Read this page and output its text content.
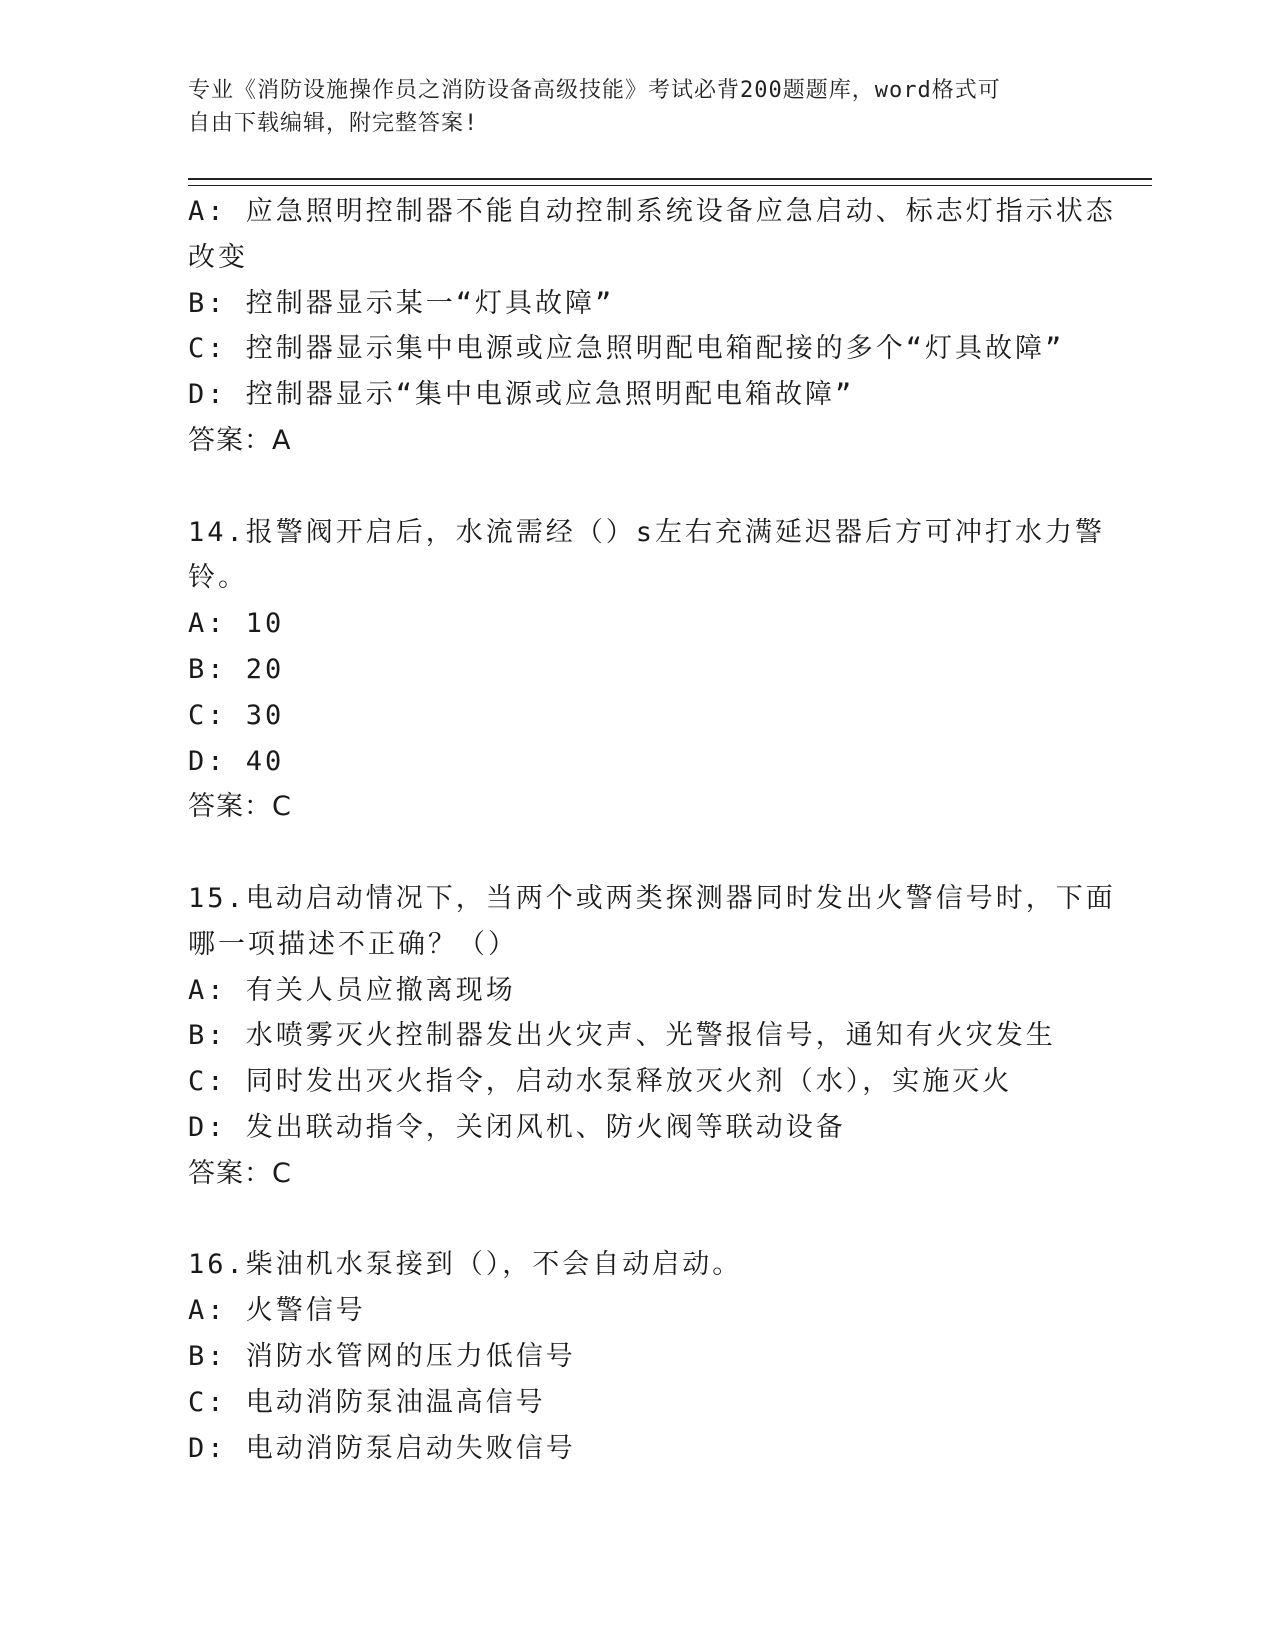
专业《消防设施操作员之消防设备高级技能》考试必背200题题库，word格式可
自由下载编辑，附完整答案!
A: 应急照明控制器不能自动控制系统设备应急启动、标志灯指示状态
改变
B: 控制器显示某一“灯具故障”
C: 控制器显示集中电源或应急照明配电箱配接的多个“灯具故障”
D: 控制器显示“集中电源或应急照明配电箱故障”
答案：A
14.报警阀开启后，水流需经（）s左右充满延迟器后方可冲打水力警
铃。
A: 10
B: 20
C: 30
D: 40
答案：C
15.电动启动情况下，当两个或两类探测器同时发出火警信号时，下面
哪一项描述不正确？（）
A: 有关人员应撤离现场
B: 水喷雾灭火控制器发出火灾声、光警报信号，通知有火灾发生
C: 同时发出灭火指令，启动水泵释放灭火剂（水），实施灭火
D: 发出联动指令，关闭风机、防火阀等联动设备
答案：C
16.柴油机水泵接到（），不会自动启动。
A: 火警信号
B: 消防水管网的压力低信号
C: 电动消防泵油温高信号
D: 电动消防泵启动失败信号
